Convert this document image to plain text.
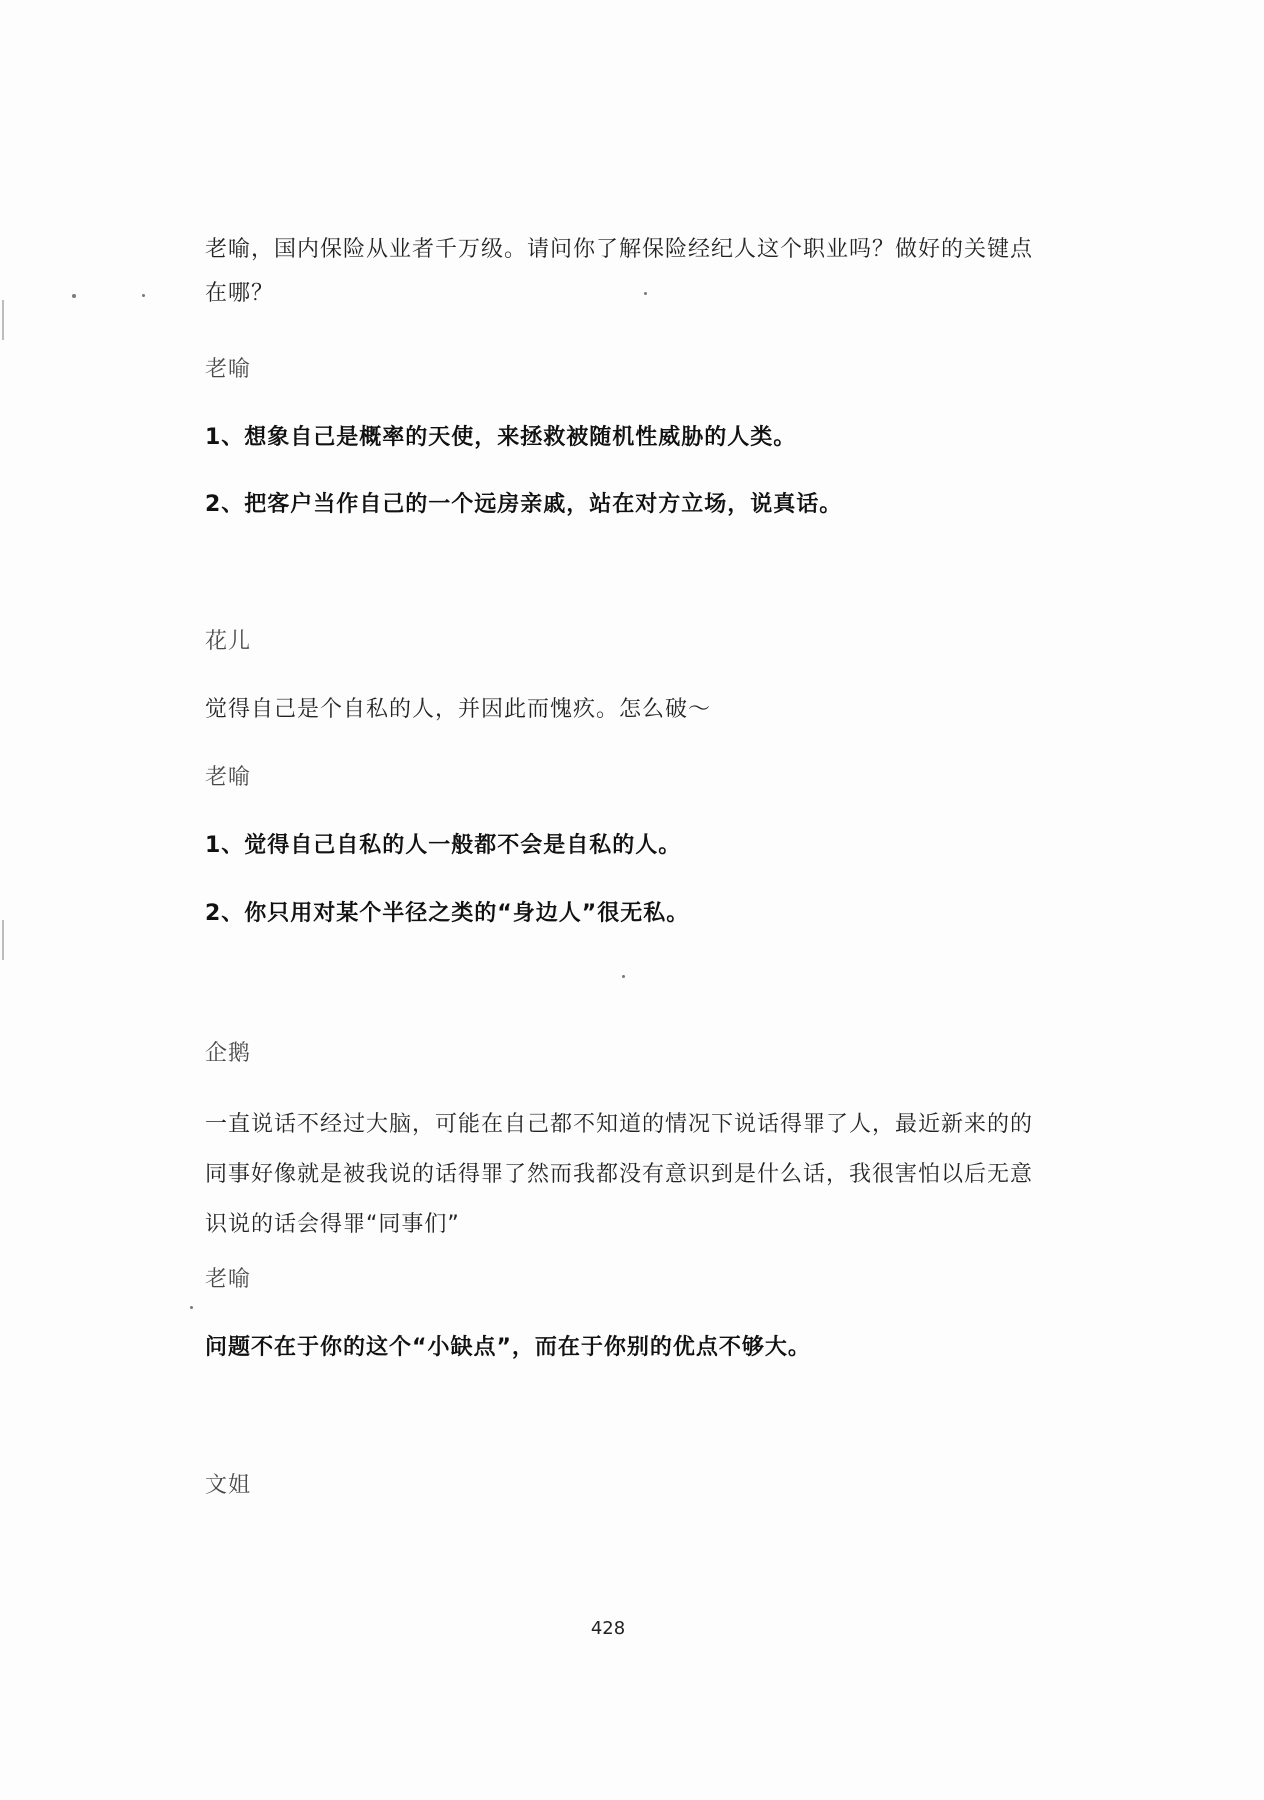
老喻，国内保险从业者千万级。请问你了解保险经纪人这个职业吗？做好的关键点在哪？
老喻
1、想象自己是概率的天使，来拯救被随机性威胁的人类。
2、把客户当作自己的一个远房亲戚，站在对方立场，说真话。
花儿
觉得自己是个自私的人，并因此而愧疚。怎么破～
老喻
1、觉得自己自私的人一般都不会是自私的人。
2、你只用对某个半径之类的“身边人”很无私。
企鹅
一直说话不经过大脑，可能在自己都不知道的情况下说话得罪了人，最近新来的的同事好像就是被我说的话得罪了然而我都没有意识到是什么话，我很害怕以后无意识说的话会得罪“同事们”
老喻
问题不在于你的这个“小缺点”，而在于你别的优点不够大。
文姐
428
